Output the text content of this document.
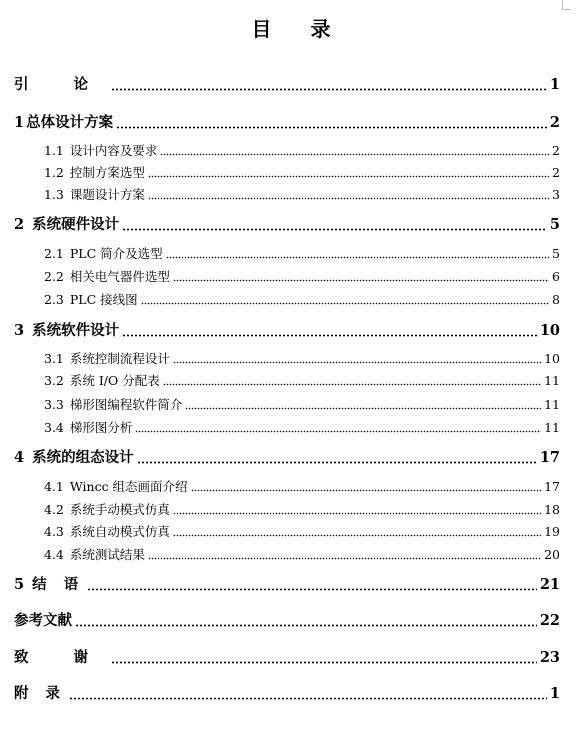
目 录
引 论	1
1 总体设计方案	2
1.1 设计内容及要求	2
1.2 控制方案选型	2
1.3 课题设计方案	3
2 系统硬件设计	5
2.1 PLC 简介及选型	5
2.2 相关电气器件选型	6
2.3 PLC 接线图	8
3 系统软件设计	10
3.1 系统控制流程设计	10
3.2 系统 I/O 分配表	11
3.3 梯形图编程软件简介	11
3.4 梯形图分析	11
4 系统的组态设计	17
4.1 Wincc 组态画面介绍	17
4.2 系统手动模式仿真	18
4.3 系统自动模式仿真	19
4.4 系统测试结果	20
5 结 语	21
参考文献	22
致 谢	23
附 录	1
